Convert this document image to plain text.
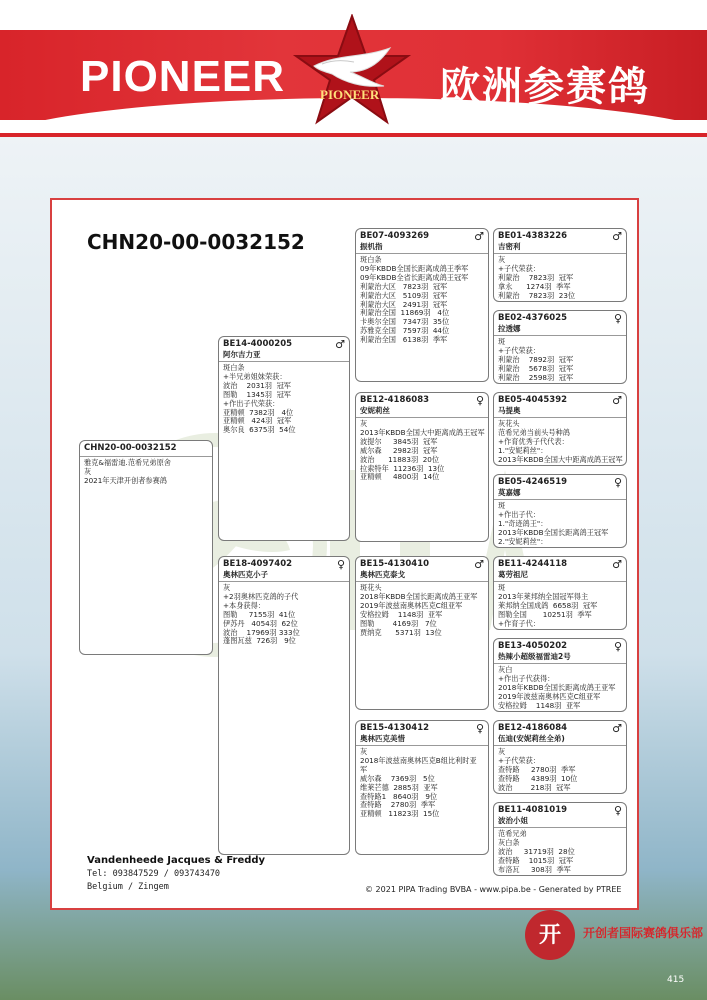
PIONEER	PIONEER 欧洲参赛鸽
CHN20-00-0032152
CHN20-00-0032152
雅克&福雷迪.范希兄弟原舍
灰
2021年天津开创者参赛鸽
♂
BE14-4000205
阿尔吉力亚
斑白条
+半兄弟姐妹荣获：
波治    2031羽  冠军
图勒    1345羽  冠军
+作出子代荣获：
亚精顿  7382羽   4位
亚精顿   424羽  冠军
奥尔良  6375羽  54位
♀
BE18-4097402
奥林匹克小子
灰
+2羽奥林匹克鸽的子代
+本身获得：
图勒     7155羽  41位
伊苏丹   4054羽  62位
波治    17969羽 333位
蓬图瓦兹  726羽   9位
♂
BE07-4093269
振机指
斑白条
09年KBDB全国长距离成鸽王季军
09年KBDB全省长距离成鸽王冠军
利蒙治大区   7823羽  冠军
利蒙治大区   5109羽  冠军
利蒙治大区   2491羽  冠军
利蒙治全国  11869羽   4位
卡奥尔全国   7347羽  35位
苏雅克全国   7597羽  44位
利蒙治全国   6138羽  季军
♀
BE12-4186083
安妮莉丝
灰
2013年KBDB全国大中距离成鸽王冠军
波提尔     3845羽  冠军
威尔森     2982羽  冠军
波治      11883羽  20位
拉索特年  11236羽  13位
亚精顿     4800羽  14位
♂
BE15-4130410
奥林匹克泰戈
斑花头
2018年KBDB全国长距离成鸽王亚军
2019年波兹南奥林匹克C组亚军
安格拉姆    1148羽  亚军
图勒        4169羽   7位
贾纳克      5371羽  13位
♀
BE15-4130412
奥林匹克美惜
灰
2018年波兹南奥林匹克B组比利时亚
军
威尔森    7369羽   5位
维莱芒德  2885羽  亚军
查特路1   8640羽   9位
查特路    2780羽  季军
亚精顿   11823羽  15位
♂
BE01-4383226
吉密利
灰
+子代荣获：
利蒙治    7823羽  冠军
拿永      1274羽  季军
利蒙治    7823羽  23位
♀
BE02-4376025
拉透娜
斑
+子代荣获：
利蒙治    7892羽  冠军
利蒙治    5678羽  冠军
利蒙治    2598羽  冠军
♂
BE05-4045392
马提奥
灰花头
范希兄弟当前头号种鸽
+作育优秀子代代表：
1."安妮莉丝"：
2013年KBDB全国大中距离成鸽王冠军
♀
BE05-4246519
莫嘉娜
斑
+作出子代：
1."奇迹鸽王"：
2013年KBDB全国长距离鸽王冠军
2."安妮莉丝"：
♂
BE11-4244118
葛劳祖尼
斑
2013年莱邦纳全国冠军得主
莱邦纳全国成鸽  6658羽  冠军
图勒全国       10251羽  季军
+作育子代：
♀
BE13-4050202
热辣小超级福雷迪2号
灰白
+作出子代获得：
2018年KBDB全国长距离成鸽王亚军
2019年波兹南奥林匹克C组亚军
安格拉姆    1148羽  亚军
♂
BE12-4186084
伍迪(安妮莉丝全弟)
灰
+子代荣获：
查特路     2780羽  季军
查特路     4389羽  10位
波治        218羽  冠军
♀
BE11-4081019
波治小姐
范希兄弟
灰白条
波治     31719羽  28位
查特路    1015羽  冠军
布洛瓦     308羽  季军
Vandenheede Jacques & Freddy
Tel: 093847529 / 093743470
Belgium / Zingem	© 2021 PIPA Trading BVBA - www.pipa.be - Generated by PTREE
开	开创者国际赛鸽俱乐部
415
